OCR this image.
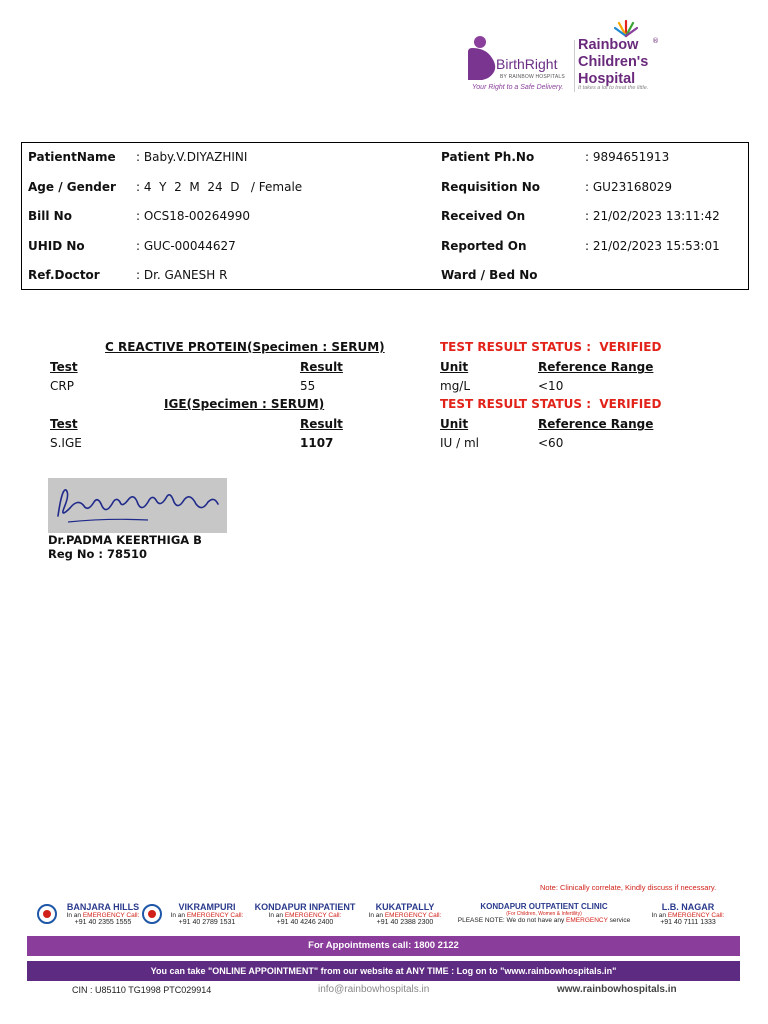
BirthRight
BY RAINBOW HOSPITALS
Your Right to a Safe Delivery.
Rainbow
Children's
Hospital
®
It takes a lot to treat the little.
PatientName : Baby.V.DIYAZHINI
Age / Gender : 4  Y  2  M  24  D   / Female
Bill No	: OCS18-00264990
UHID No	: GUC-00044627
Ref.Doctor	: Dr. GANESH R
Patient Ph.No	: 9894651913
Requisition No	: GU23168029
Received On	: 21/02/2023 13:11:42
Reported On	: 21/02/2023 15:53:01
Ward / Bed No
C REACTIVE PROTEIN(Specimen : SERUM)	TEST RESULT STATUS :  VERIFIED
Test	Result	Unit	Reference Range
CRP	55	mg/L	<10
IGE(Specimen : SERUM)	TEST RESULT STATUS :  VERIFIED
Test	Result	Unit	Reference Range
S.IGE	1107	IU / ml	<60
Dr.PADMA KEERTHIGA B
Reg No : 78510
Note: Clinically correlate, Kindly discuss if necessary.
BANJARA HILLS
In an EMERGENCY Call:
+91 40 2355 1555
VIKRAMPURI
In an EMERGENCY Call:
+91 40 2789 1531
KONDAPUR INPATIENT
In an EMERGENCY Call:
+91 40 4246 2400
KUKATPALLY
In an EMERGENCY Call:
+91 40 2388 2300
KONDAPUR OUTPATIENT CLINIC
(For Children, Women & Infertility)
PLEASE NOTE: We do not have any EMERGENCY service
L.B. NAGAR
In an EMERGENCY Call:
+91 40 7111 1333
For Appointments call: 1800 2122
You can take "ONLINE APPOINTMENT" from our website at ANY TIME : Log on to "www.rainbowhospitals.in"
CIN : U85110 TG1998 PTC029914	info@rainbowhospitals.in	www.rainbowhospitals.in
